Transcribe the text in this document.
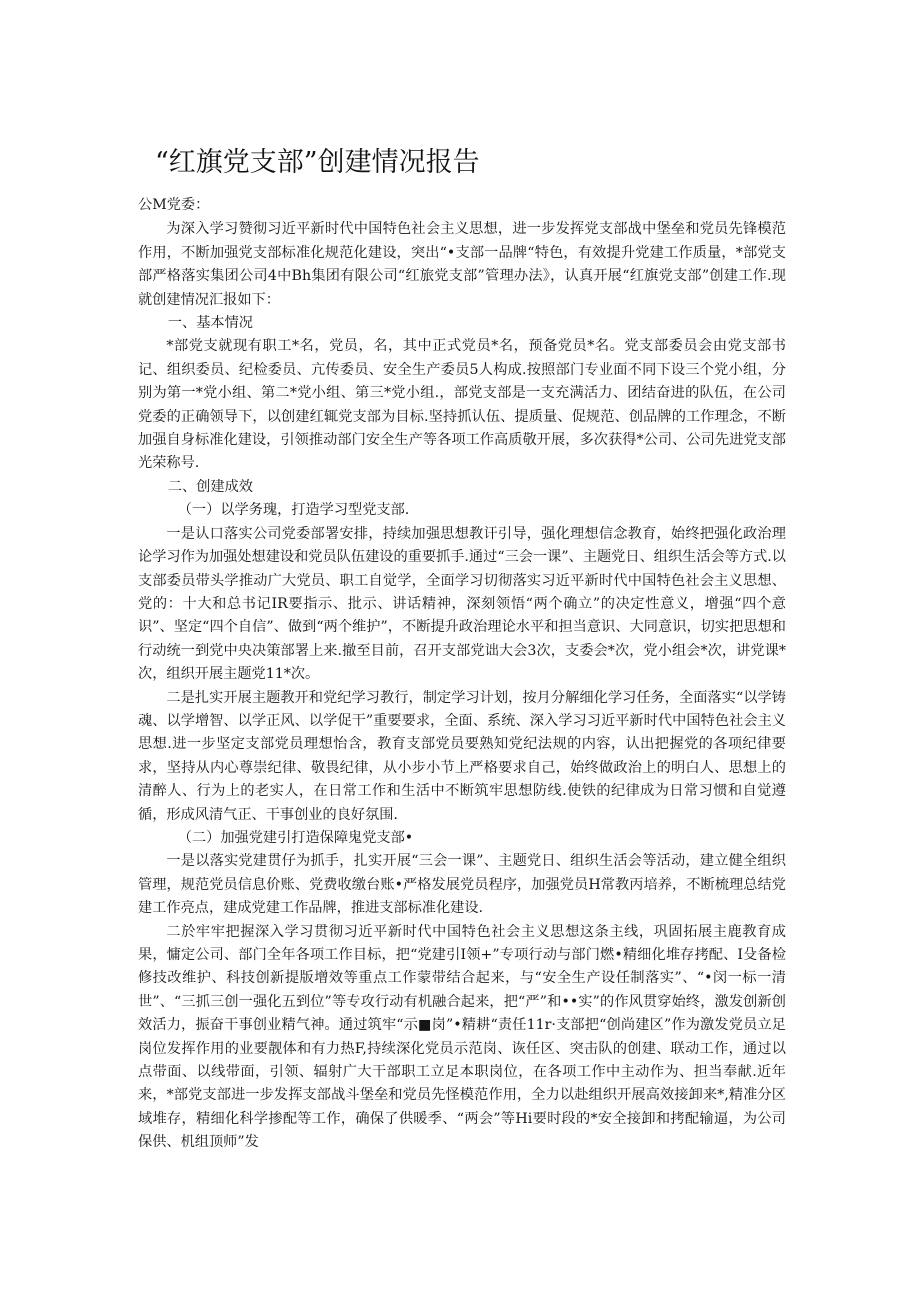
“红旗党支部”创建情况报告

公M党委：

为深入学习赞彻习近平新时代中国特色社会主义思想，进一步发挥党支部战中堡垒和党员先锋模范作用，不断加强党支部标准化规范化建设，突出“•支部一品牌“特色，有效提升党建工作质量，*部党支部严格落实集团公司4中Bh集团有限公司“红旅党支部”管理办法》，认真开展“红旗党支部”创建工作.现就创建情况汇报如下：

一、基本情况

*部党支就现有职工*名，党员，名，其中正式党员*名，预备党员*名。党支部委员会由党支部书记、组织委员、纪检委员、亢传委员、安全生产委员5人构成.按照部门专业面不同下设三个党小组，分别为第一*党小组、第二*党小组、第三*党小组.，部党支部是一支充满活力、团结奋进的队伍，在公司党委的正确领导下，以创建红辄党支部为目标.坚持抓认伍、提质量、促规范、创品牌的工作理念，不断加强自身标准化建设，引领推动部门安全生产等各项工作高质敬开展，多次获得*公司、公司先进党支部光荣称号.

二、创建成效

（一）以学务瑰，打造学习型党支部.

一是认口落实公司党委部署安排，持续加强思想教讦引导，强化理想信念教育，始终把强化政治理论学习作为加强处想建设和党员队伍建设的重要抓手.通过“三会一课”、主题党日、组织生活会等方式.以支部委员带头学推动广大党员、职工自觉学，全面学习切彻落实习近平新时代中国特色社会主义思想、党的：十大和总书记IR要指示、批示、讲话精神，深刻领悟“两个确立”的决定性意义，增强“四个意识”、坚定“四个自信”、做到“两个维护”，不断提升政治理论水平和担当意识、大同意识，切实把思想和行动统一到党中央决策部署上来.撤至目前，召开支部党诎大会3次，支委会*次，党小组会*次，讲党课*次，组织开展主题党11*次。

二是扎实开展主题教开和党纪学习教行，制定学习计划，按月分解细化学习任务，全面落实“以学铸魂、以学增智、以学正风、以学促干”重要要求，全面、系统、深入学习习近平新时代中国特色社会主义思想.进一步坚定支部党员理想怡含，教育支部党员要熟知党纪法规的内容，认出把握党的各项纪律要求，坚持从内心尊崇纪律、敬畏纪律，从小步小节上严格要求自己，始终做政治上的明白人、思想上的清醉人、行为上的老实人，在日常工作和生活中不断筑牢思想防线.使铁的纪律成为日常习惯和自觉遵循，形成风清气正、干事创业的良好氛围.

（二）加强党建引打造保障鬼党支部•

一是以落实党建贯仔为抓手，扎实开展“三会一课”、主题党日、组织生活会等活动，建立健全组织管理，规范党员信息价账、党费收缴台账•严格发展党员程序，加强党员H常教丙培养，不断梳理总结党建工作亮点，建成党建工作品牌，推进支部标准化建设.

二於牢牢把握深入学习贯彻习近平新时代中国特色社会主义思想这条主线，巩固拓展主鹿教育成果，慵定公司、部门全年各项工作目标，把“党建引I领+”专项行动与部门燃•精细化堆存拷配、I殳备检修技改维护、科技创新提版增效等重点工作蒙带结合起来，与“安全生产设任制落实”、“•闵一标一清世”、“三抓三创一强化五到位”等专攻行动有机融合起来，把“严”和••实”的作风贯穿始终，激发创新创效活力，振奋干事创业精气神。通过筑牢“示■岗”•精耕“责任11r·支部把“创尚建区”作为激发党员立足岗位发挥作用的业要靓体和有力热F,持续深化党员示范岗、诙任区、突击队的创建、联动工作，通过以点带面、以线带面，引领、辐射广大干部职工立足本职岗位，在各项工作中主动作为、担当奉献.近年来，*部党支部进一步发挥支部战斗堡垒和党员先怪模范作用，全力以赴组织开展高效接卸来*,精准分区域堆存，精细化科学掺配等工作，确保了供暖季、“两会”等Hi要时段的*安全接卸和拷配输逼，为公司保供、机组顶师”发
